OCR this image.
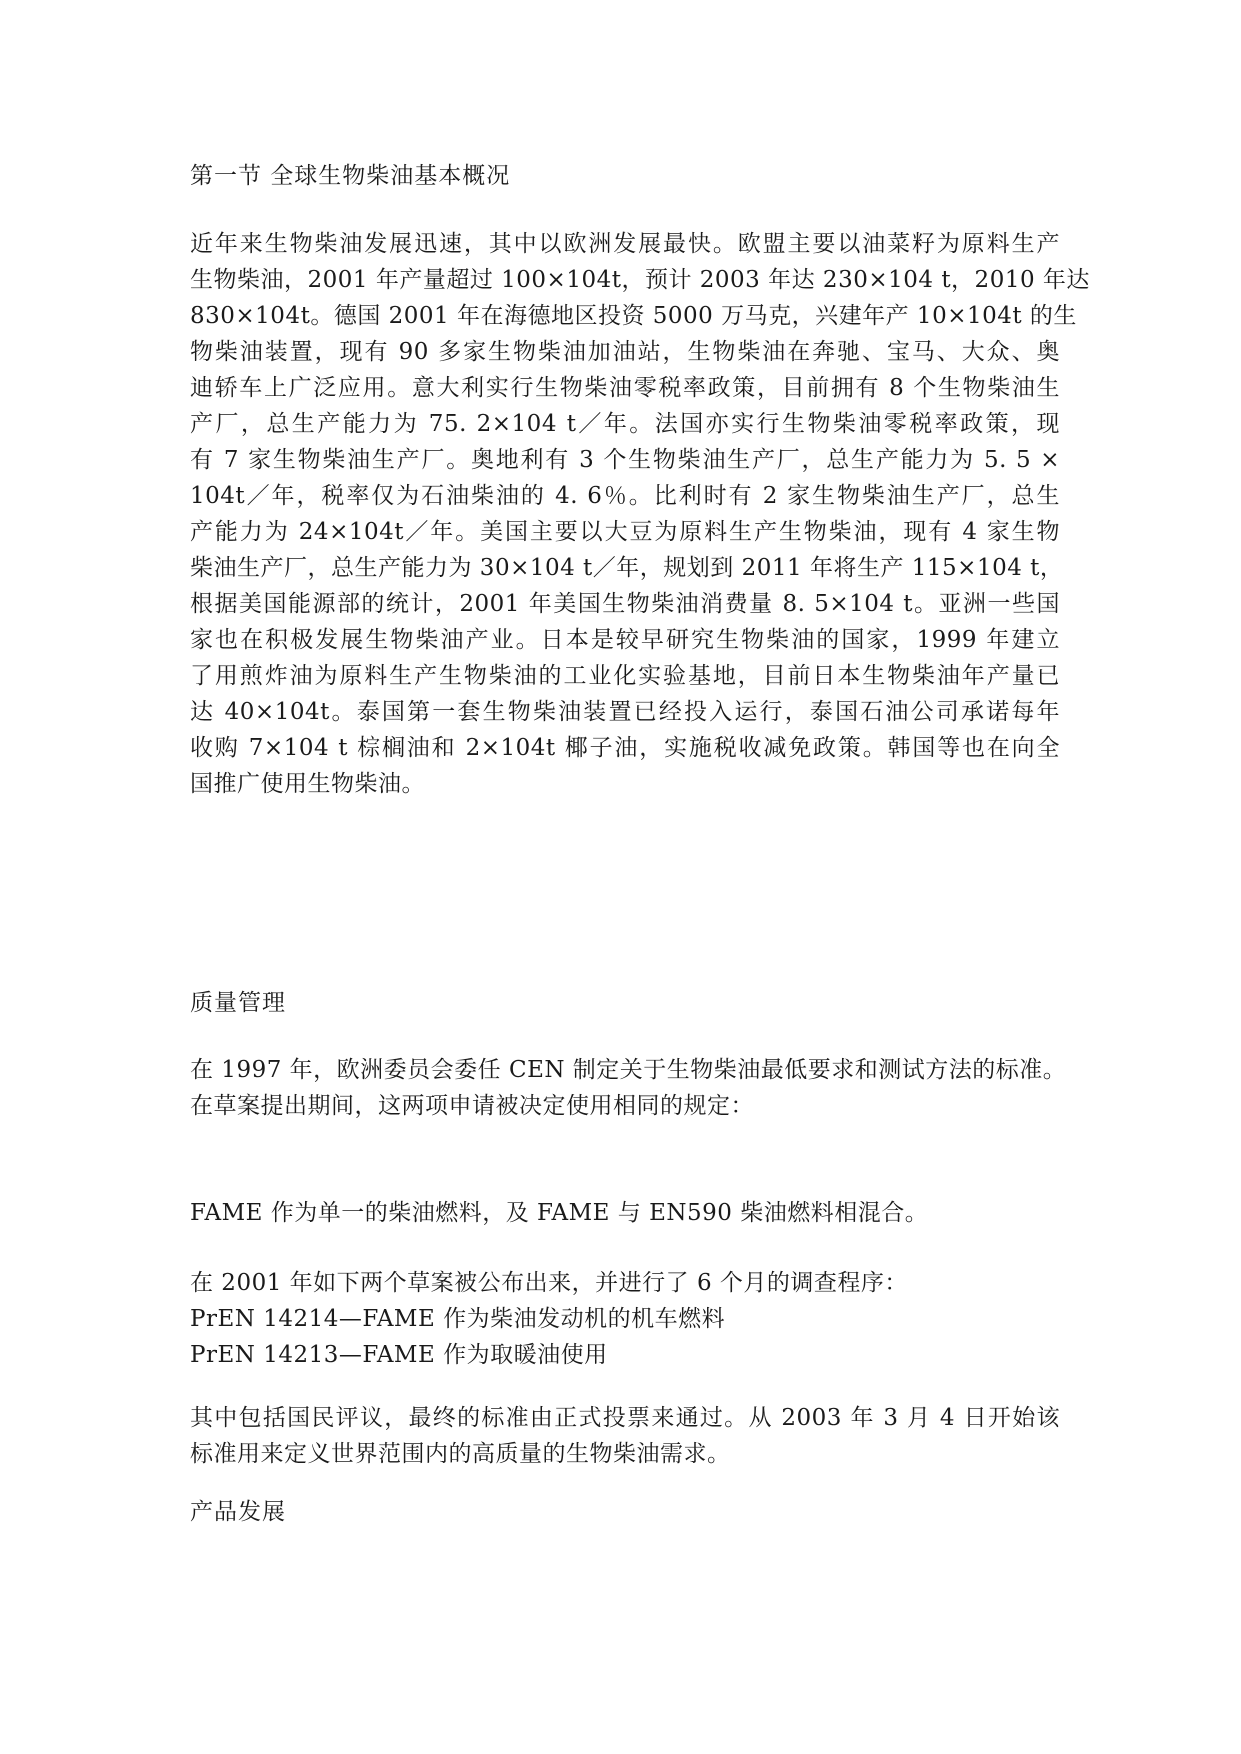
第一节 全球生物柴油基本概况

近年来生物柴油发展迅速，其中以欧洲发展最快。欧盟主要以油菜籽为原料生产
生物柴油，2001 年产量超过 100×104t，预计 2003 年达 230×104 t，2010 年达
830×104t。德国 2001 年在海德地区投资 5000 万马克，兴建年产 10×104t 的生
物柴油装置，现有 90 多家生物柴油加油站，生物柴油在奔驰、宝马、大众、奥
迪轿车上广泛应用。意大利实行生物柴油零税率政策，目前拥有 8 个生物柴油生
产厂，总生产能力为 75. 2×104 t／年。法国亦实行生物柴油零税率政策，现
有 7 家生物柴油生产厂。奥地利有 3 个生物柴油生产厂，总生产能力为 5. 5 ×
104t／年，税率仅为石油柴油的 4. 6％。比利时有 2 家生物柴油生产厂，总生
产能力为 24×104t／年。美国主要以大豆为原料生产生物柴油，现有 4 家生物
柴油生产厂，总生产能力为 30×104 t／年，规划到 2011 年将生产 115×104 t，
根据美国能源部的统计，2001 年美国生物柴油消费量 8. 5×104 t。亚洲一些国
家也在积极发展生物柴油产业。日本是较早研究生物柴油的国家，1999 年建立
了用煎炸油为原料生产生物柴油的工业化实验基地，目前日本生物柴油年产量已
达 40×104t。泰国第一套生物柴油装置已经投入运行，泰国石油公司承诺每年
收购 7×104 t 棕榈油和 2×104t 椰子油，实施税收减免政策。韩国等也在向全
国推广使用生物柴油。

质量管理

在 1997 年，欧洲委员会委任 CEN 制定关于生物柴油最低要求和测试方法的标准。
在草案提出期间，这两项申请被决定使用相同的规定：
FAME 作为单一的柴油燃料，及 FAME 与 EN590 柴油燃料相混合。
在 2001 年如下两个草案被公布出来，并进行了 6 个月的调查程序：
PrEN 14214—FAME 作为柴油发动机的机车燃料
PrEN 14213—FAME 作为取暖油使用
其中包括国民评议，最终的标准由正式投票来通过。从 2003 年 3 月 4 日开始该
标准用来定义世界范围内的高质量的生物柴油需求。

产品发展
